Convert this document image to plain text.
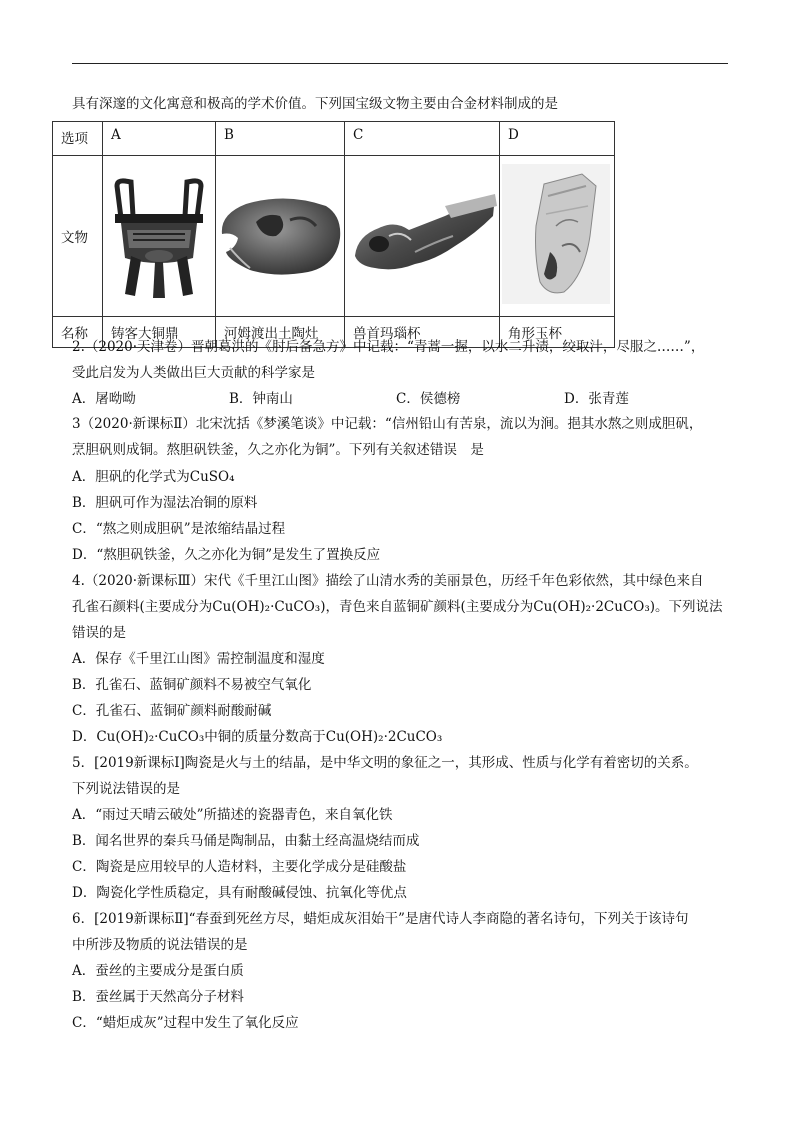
具有深邃的文化寓意和极高的学术价值。下列国宝级文物主要由合金材料制成的是
选项	A	B	C	D
文物				
名称	铸客大铜鼎	河姆渡出土陶灶	兽首玛瑙杯	角形玉杯
2.（2020·天津卷）晋朝葛洪的《肘后备急方》中记载：“青蒿一握，以水二升渍，绞取汁，尽服之……”，
受此启发为人类做出巨大贡献的科学家是
A．屠呦呦	B．钟南山	C．侯德榜	D．张青莲
3（2020·新课标Ⅱ）北宋沈括《梦溪笔谈》中记载：“信州铅山有苦泉，流以为涧。挹其水熬之则成胆矾，
烹胆矾则成铜。熬胆矾铁釜，久之亦化为铜”。下列有关叙述错误　是
A．胆矾的化学式为CuSO₄
B．胆矾可作为湿法冶铜的原料
C．“熬之则成胆矾”是浓缩结晶过程
D．“熬胆矾铁釜，久之亦化为铜”是发生了置换反应
4.（2020·新课标Ⅲ）宋代《千里江山图》描绘了山清水秀的美丽景色，历经千年色彩依然，其中绿色来自
孔雀石颜料(主要成分为Cu(OH)₂·CuCO₃)，青色来自蓝铜矿颜料(主要成分为Cu(OH)₂·2CuCO₃)。下列说法
错误的是
A．保存《千里江山图》需控制温度和湿度
B．孔雀石、蓝铜矿颜料不易被空气氧化
C．孔雀石、蓝铜矿颜料耐酸耐碱
D．Cu(OH)₂·CuCO₃中铜的质量分数高于Cu(OH)₂·2CuCO₃
5．[2019新课标Ⅰ]陶瓷是火与土的结晶，是中华文明的象征之一，其形成、性质与化学有着密切的关系。
下列说法错误的是
A．“雨过天晴云破处”所描述的瓷器青色，来自氧化铁
B．闻名世界的秦兵马俑是陶制品，由黏土经高温烧结而成
C．陶瓷是应用较早的人造材料，主要化学成分是硅酸盐
D．陶瓷化学性质稳定，具有耐酸碱侵蚀、抗氧化等优点
6．[2019新课标Ⅱ]“春蚕到死丝方尽，蜡炬成灰泪始干”是唐代诗人李商隐的著名诗句，下列关于该诗句
中所涉及物质的说法错误的是
A．蚕丝的主要成分是蛋白质
B．蚕丝属于天然高分子材料
C．“蜡炬成灰”过程中发生了氧化反应
